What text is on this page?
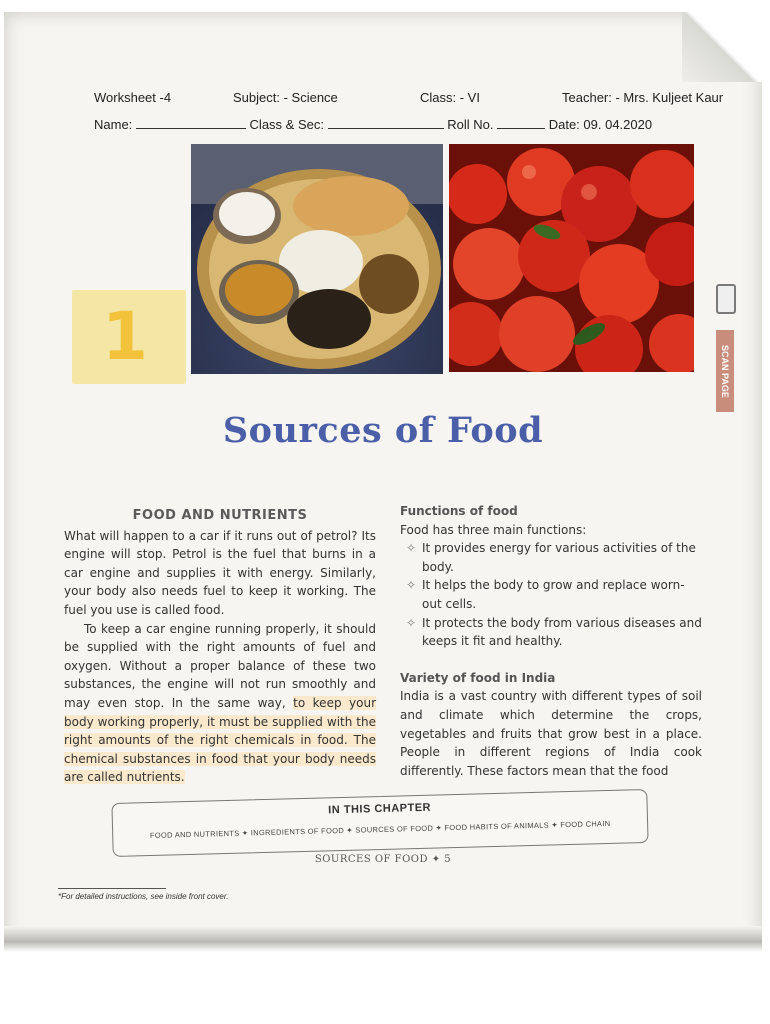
Worksheet -4	Subject: - Science	Class: - VI	Teacher: - Mrs. Kuljeet Kaur
Name:	Class & Sec:	Roll No.	Date: 09. 04.2020
1	SCAN PAGE
Sources of Food
FOOD AND NUTRIENTS

What will happen to a car if it runs out of petrol? Its engine will stop. Petrol is the fuel that burns in a car engine and supplies it with energy. Similarly, your body also needs fuel to keep it working. The fuel you use is called food.

To keep a car engine running properly, it should be supplied with the right amounts of fuel and oxygen. Without a proper balance of these two substances, the engine will not run smoothly and may even stop. In the same way, to keep your body working properly, it must be supplied with the right amounts of the right chemicals in food. The chemical substances in food that your body needs are called nutrients.

Functions of food
Food has three main functions:
✧ It provides energy for various activities of the body.
✧ It helps the body to grow and replace worn-out cells.
✧ It protects the body from various diseases and keeps it fit and healthy.
Variety of food in India

India is a vast country with different types of soil and climate which determine the crops, vegetables and fruits that grow best in a place. People in different regions of India cook differently. These factors mean that the food

IN THIS CHAPTER
FOOD AND NUTRIENTS ✦ INGREDIENTS OF FOOD ✦ SOURCES OF FOOD ✦ FOOD HABITS OF ANIMALS ✦ FOOD CHAIN
SOURCES OF FOOD ✦ 5
*For detailed instructions, see inside front cover.
